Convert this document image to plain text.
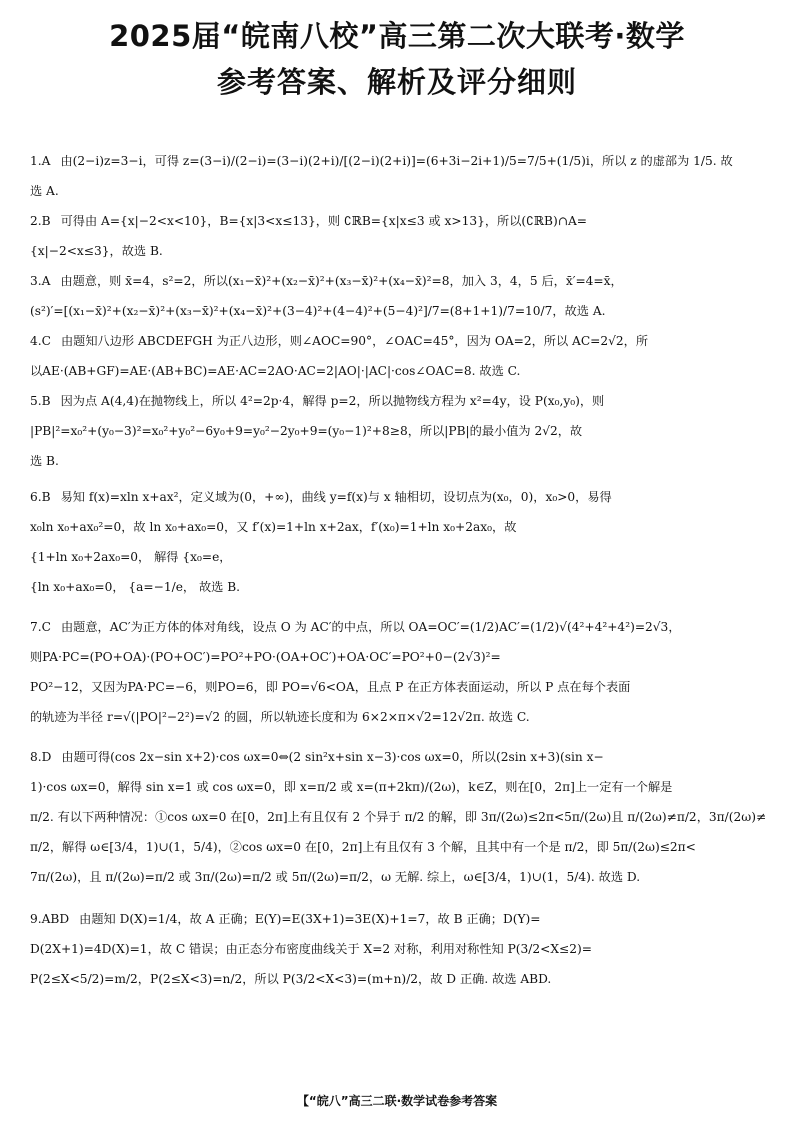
2025届“皖南八校”高三第二次大联考·数学
参考答案、解析及评分细则
1.A 由(2−i)z=3−i，可得 z=(3−i)/(2−i)=(3−i)(2+i)/[(2−i)(2+i)]=(6+3i−2i+1)/5=7/5+(1/5)i，所以 z 的虚部为 1/5. 故
选 A.
2.B 可得由 A={x|−2<x<10}，B={x|3<x≤13}，则 ∁ℝB={x|x≤3 或 x>13}，所以(∁ℝB)∩A=
{x|−2<x≤3}，故选 B.
3.A 由题意，则 x̄=4，s²=2，所以(x₁−x̄)²+(x₂−x̄)²+(x₃−x̄)²+(x₄−x̄)²=8，加入 3，4，5 后，x̄′=4=x̄，
(s²)′=[(x₁−x̄)²+(x₂−x̄)²+(x₃−x̄)²+(x₄−x̄)²+(3−4)²+(4−4)²+(5−4)²]/7=(8+1+1)/7=10/7，故选 A.
4.C 由题知八边形 ABCDEFGH 为正八边形，则∠AOC=90°，∠OAC=45°，因为 OA=2，所以 AC=2√2，所
以AE·(AB+GF)=AE·(AB+BC)=AE·AC=2AO·AC=2|AO|·|AC|·cos∠OAC=8. 故选 C.
5.B 因为点 A(4,4)在抛物线上，所以 4²=2p·4，解得 p=2，所以抛物线方程为 x²=4y，设 P(x₀,y₀)，则
|PB|²=x₀²+(y₀−3)²=x₀²+y₀²−6y₀+9=y₀²−2y₀+9=(y₀−1)²+8≥8，所以|PB|的最小值为 2√2，故
选 B.
6.B 易知 f(x)=xln x+ax²，定义域为(0，+∞)，曲线 y=f(x)与 x 轴相切，设切点为(x₀，0)，x₀>0，易得
x₀ln x₀+ax₀²=0，故 ln x₀+ax₀=0，又 f′(x)=1+ln x+2ax，f′(x₀)=1+ln x₀+2ax₀，故
{1+ln x₀+2ax₀=0， 解得 {x₀=e，
{ln x₀+ax₀=0， {a=−1/e， 故选 B.
7.C 由题意，AC′为正方体的体对角线，设点 O 为 AC′的中点，所以 OA=OC′=(1/2)AC′=(1/2)√(4²+4²+4²)=2√3，
则PA·PC=(PO+OA)·(PO+OC′)=PO²+PO·(OA+OC′)+OA·OC′=PO²+0−(2√3)²=
PO²−12，又因为PA·PC=−6，则PO=6，即 PO=√6<OA，且点 P 在正方体表面运动，所以 P 点在每个表面
的轨迹为半径 r=√(|PO|²−2²)=√2 的圆，所以轨迹长度和为 6×2×π×√2=12√2π. 故选 C.
8.D 由题可得(cos 2x−sin x+2)·cos ωx=0⇔(2 sin²x+sin x−3)·cos ωx=0，所以(2sin x+3)(sin x−
1)·cos ωx=0，解得 sin x=1 或 cos ωx=0，即 x=π/2 或 x=(π+2kπ)/(2ω)，k∈Z，则在[0，2π]上一定有一个解是
π/2. 有以下两种情况：①cos ωx=0 在[0，2π]上有且仅有 2 个异于 π/2 的解，即 3π/(2ω)≤2π<5π/(2ω)且 π/(2ω)≠π/2，3π/(2ω)≠
π/2，解得 ω∈[3/4，1)∪(1，5/4)，②cos ωx=0 在[0，2π]上有且仅有 3 个解，且其中有一个是 π/2，即 5π/(2ω)≤2π<
7π/(2ω)，且 π/(2ω)=π/2 或 3π/(2ω)=π/2 或 5π/(2ω)=π/2，ω 无解. 综上，ω∈[3/4，1)∪(1，5/4). 故选 D.
9.ABD 由题知 D(X)=1/4，故 A 正确；E(Y)=E(3X+1)=3E(X)+1=7，故 B 正确；D(Y)=
D(2X+1)=4D(X)=1，故 C 错误；由正态分布密度曲线关于 X=2 对称，利用对称性知 P(3/2<X≤2)=
P(2≤X<5/2)=m/2，P(2≤X<3)=n/2，所以 P(3/2<X<3)=(m+n)/2，故 D 正确. 故选 ABD.
【“皖八”高三二联·数学试卷参考答案
